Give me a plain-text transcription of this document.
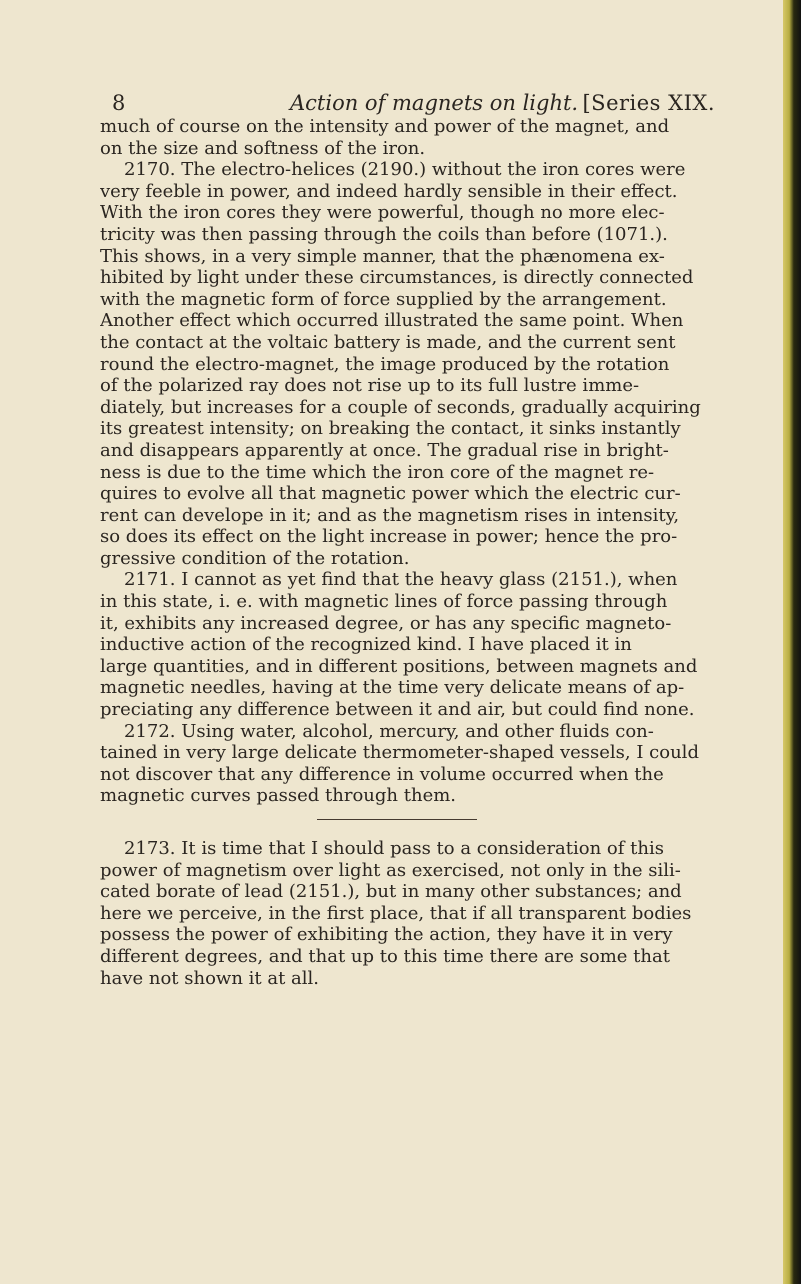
8	Action of magnets on light. [Series XIX.
much of course on the intensity and power of the magnet, and
on the size and softness of the iron.
2170. The electro-helices (2190.) without the iron cores were
very feeble in power, and indeed hardly sensible in their effect.
With the iron cores they were powerful, though no more elec-
tricity was then passing through the coils than before (1071.).
This shows, in a very simple manner, that the phænomena ex-
hibited by light under these circumstances, is directly connected
with the magnetic form of force supplied by the arrangement.
Another effect which occurred illustrated the same point. When
the contact at the voltaic battery is made, and the current sent
round the electro-magnet, the image produced by the rotation
of the polarized ray does not rise up to its full lustre imme-
diately, but increases for a couple of seconds, gradually acquiring
its greatest intensity; on breaking the contact, it sinks instantly
and disappears apparently at once. The gradual rise in bright-
ness is due to the time which the iron core of the magnet re-
quires to evolve all that magnetic power which the electric cur-
rent can develope in it; and as the magnetism rises in intensity,
so does its effect on the light increase in power; hence the pro-
gressive condition of the rotation.
2171. I cannot as yet find that the heavy glass (2151.), when
in this state, i. e. with magnetic lines of force passing through
it, exhibits any increased degree, or has any specific magneto-
inductive action of the recognized kind. I have placed it in
large quantities, and in different positions, between magnets and
magnetic needles, having at the time very delicate means of ap-
preciating any difference between it and air, but could find none.
2172. Using water, alcohol, mercury, and other fluids con-
tained in very large delicate thermometer-shaped vessels, I could
not discover that any difference in volume occurred when the
magnetic curves passed through them.
2173. It is time that I should pass to a consideration of this
power of magnetism over light as exercised, not only in the sili-
cated borate of lead (2151.), but in many other substances; and
here we perceive, in the first place, that if all transparent bodies
possess the power of exhibiting the action, they have it in very
different degrees, and that up to this time there are some that
have not shown it at all.
